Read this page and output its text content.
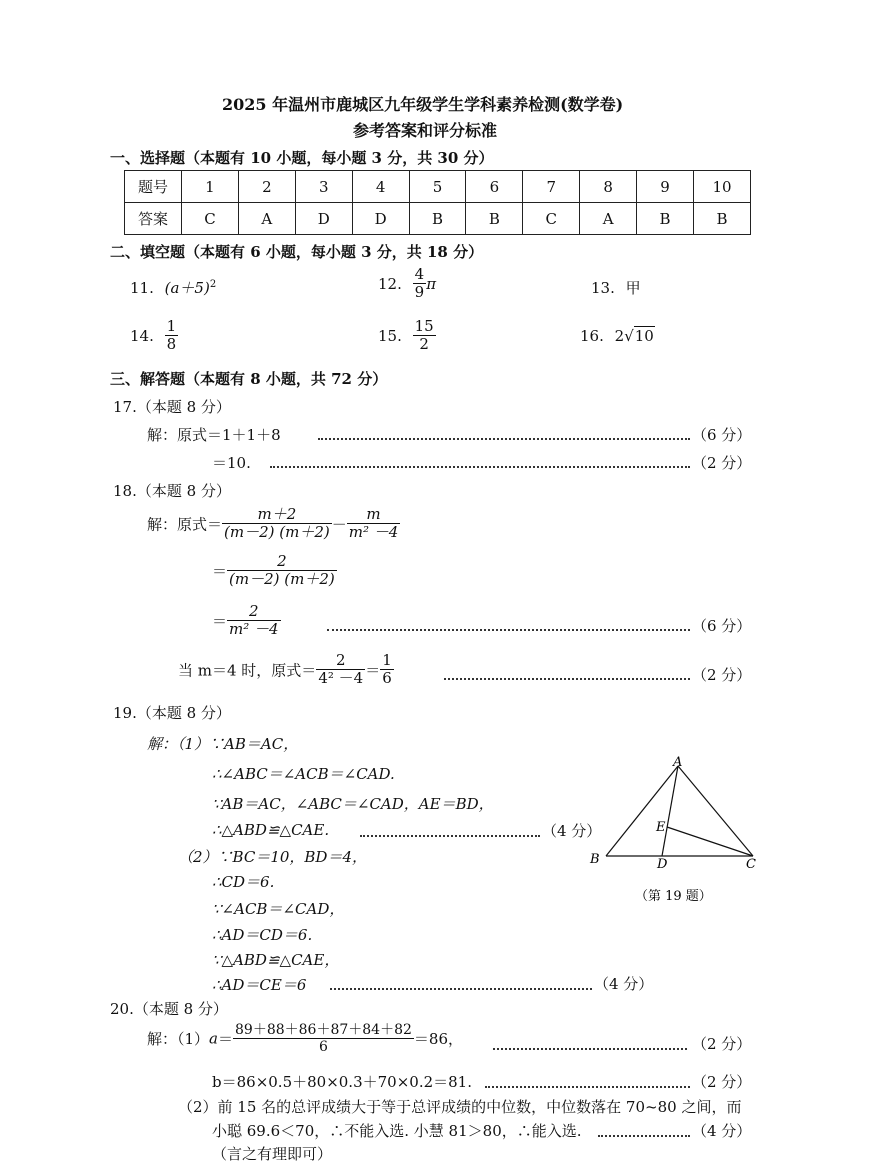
2025 年温州市鹿城区九年级学生学科素养检测(数学卷)
参考答案和评分标准
一、选择题（本题有 10 小题，每小题 3 分，共 30 分）
题号	1	2	3	4	5	6	7	8	9	10
答案	C	A	D	D	B	B	C	A	B	B
二、填空题（本题有 6 小题，每小题 3 分，共 18 分）
11. $(a+5)^2$	12. $\frac{4}{9}$ π	13. 甲
14. $\frac{1}{8}$	15. $\frac{15}{2}$	16. 2√10
三、解答题（本题有 8 小题，共 72 分）
17.（本题 8 分）
解：原式＝1＋1＋8	（6 分）
＝10.	（2 分）
18.（本题 8 分）
解：原式＝ $\frac{m+2}{(m-2) (m+2)} - \frac{m}{\text{m² －4}}$
＝ $\frac{2}{(m-2) (m+2)}$
＝ $\frac{2}{\text{m² －4}}$	（6 分）
当 m＝4 时，原式＝ $\frac{2}{\text{4² －4}} = \frac{1}{6}$	（2 分）
19.（本题 8 分）
解：（1）∵AB＝AC，
∴∠ABC＝∠ACB＝∠CAD.
∵AB＝AC，∠ABC＝∠CAD，AE＝BD，
∴△ABD≌△CAE.	（4 分）
（2）∵BC＝10，BD＝4，
∴CD＝6.
∵∠ACB＝∠CAD，
∴AD＝CD＝6.
∵△ABD≌△CAE，
∴AD＝CE＝6	（4 分）
A
B	C
D
E
（第 19 题）
20.（本题 8 分）
解：$(1)a= \frac{89+88+86+87+84+82}{6} =86$，	（2 分）
b＝86×0.5＋80×0.3＋70×0.2＝81.	（2 分）
（2）前 15 名的总评成绩大于等于总评成绩的中位数，中位数落在 70~80 之间，而
小聪 69.6＜70，∴不能入选. 小慧 81＞80，∴能入选.	（4 分）
（言之有理即可）
